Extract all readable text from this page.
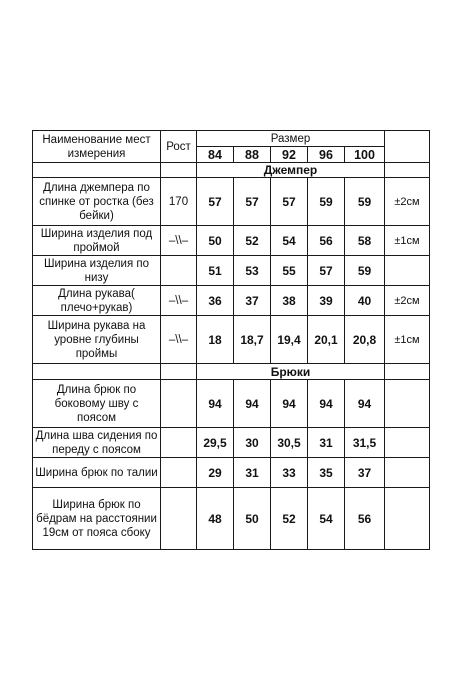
Наименование мест измерения	Рост	Размер					
		84	88	92	96	100	
		Джемпер					
Длина джемпера по спинке от ростка (без бейки)	170	57	57	57	59	59	±2см
Ширина изделия под проймой	–\\–	50	52	54	56	58	±1см
Ширина изделия по низу		51	53	55	57	59	
Длина рукава( плечо+рукав)	–\\–	36	37	38	39	40	±2см
Ширина рукава на уровне глубины проймы	–\\–	18	18,7	19,4	20,1	20,8	±1см
		Брюки					
Длина брюк по боковому шву с поясом		94	94	94	94	94	
Длина шва сидения по переду с поясом		29,5	30	30,5	31	31,5	
Ширина брюк по талии		29	31	33	35	37	
Ширина брюк по бёдрам на расстоянии 19см от пояса сбоку		48	50	52	54	56	
